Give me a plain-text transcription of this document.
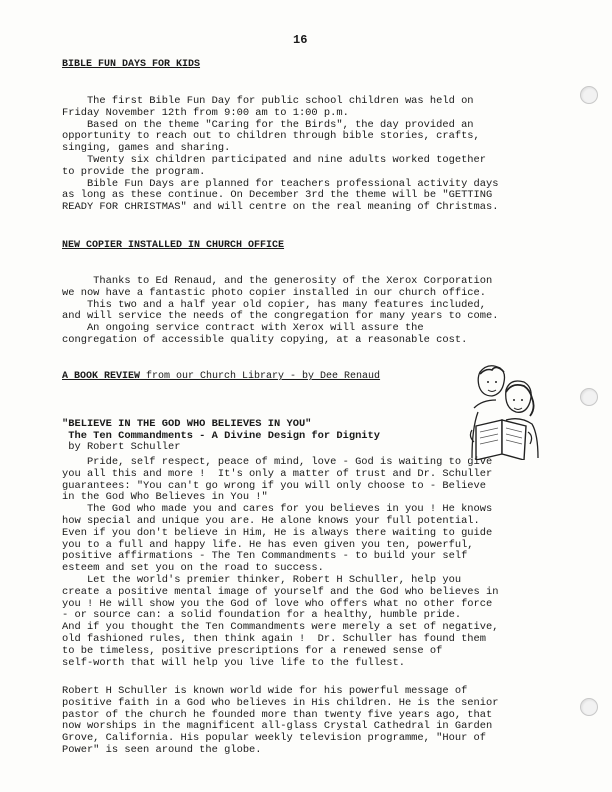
16
BIBLE FUN DAYS FOR KIDS
The first Bible Fun Day for public school children was held on
Friday November 12th from 9:00 am to 1:00 p.m.
Based on the theme "Caring for the Birds", the day provided an
opportunity to reach out to children through bible stories, crafts,
singing, games and sharing.
Twenty six children participated and nine adults worked together
to provide the program.
Bible Fun Days are planned for teachers professional activity days
as long as these continue. On December 3rd the theme will be "GETTING
READY FOR CHRISTMAS" and will centre on the real meaning of Christmas.
NEW COPIER INSTALLED IN CHURCH OFFICE
Thanks to Ed Renaud, and the generosity of the Xerox Corporation
we now have a fantastic photo copier installed in our church office.
This two and a half year old copier, has many features included,
and will service the needs of the congregation for many years to come.
An ongoing service contract with Xerox will assure the
congregation of accessible quality copying, at a reasonable cost.
A BOOK REVIEW from our Church Library - by Dee Renaud

"BELIEVE IN THE GOD WHO BELIEVES IN YOU"
The Ten Commandments - A Divine Design for Dignity
by Robert Schuller
Pride, self respect, peace of mind, love - God is waiting to give
you all this and more !  It's only a matter of trust and Dr. Schuller
guarantees: "You can't go wrong if you will only choose to - Believe
in the God Who Believes in You !"
The God who made you and cares for you believes in you ! He knows
how special and unique you are. He alone knows your full potential.
Even if you don't believe in Him, He is always there waiting to guide
you to a full and happy life. He has even given you ten, powerful,
positive affirmations - The Ten Commandments - to build your self
esteem and set you on the road to success.
Let the world's premier thinker, Robert H Schuller, help you
create a positive mental image of yourself and the God who believes in
you ! He will show you the God of love who offers what no other force
- or source can: a solid foundation for a healthy, humble pride.
And if you thought the Ten Commandments were merely a set of negative,
old fashioned rules, then think again !  Dr. Schuller has found them
to be timeless, positive prescriptions for a renewed sense of
self-worth that will help you live life to the fullest.
Robert H Schuller is known world wide for his powerful message of
positive faith in a God who believes in His children. He is the senior
pastor of the church he founded more than twenty five years ago, that
now worships in the magnificent all-glass Crystal Cathedral in Garden
Grove, California. His popular weekly television programme, "Hour of
Power" is seen around the globe.
